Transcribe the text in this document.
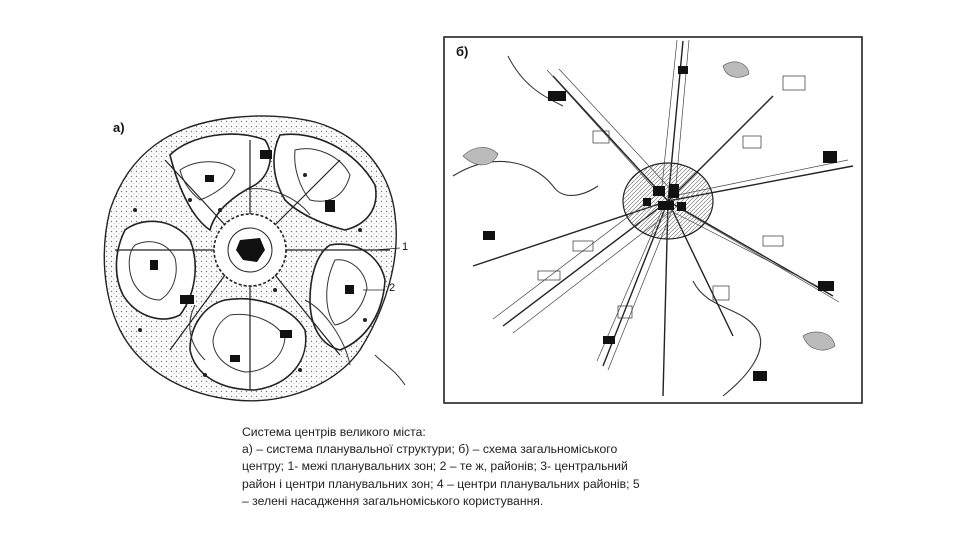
а)
1
2
б)
Система центрів великого міста:
а) – система планувальної структури; б) – схема загальноміського
центру; 1- межі планувальних зон; 2 – те ж, районів; 3- центральний
район і центри планувальних зон; 4 – центри планувальних районів; 5
– зелені насадження загальноміського користування.
